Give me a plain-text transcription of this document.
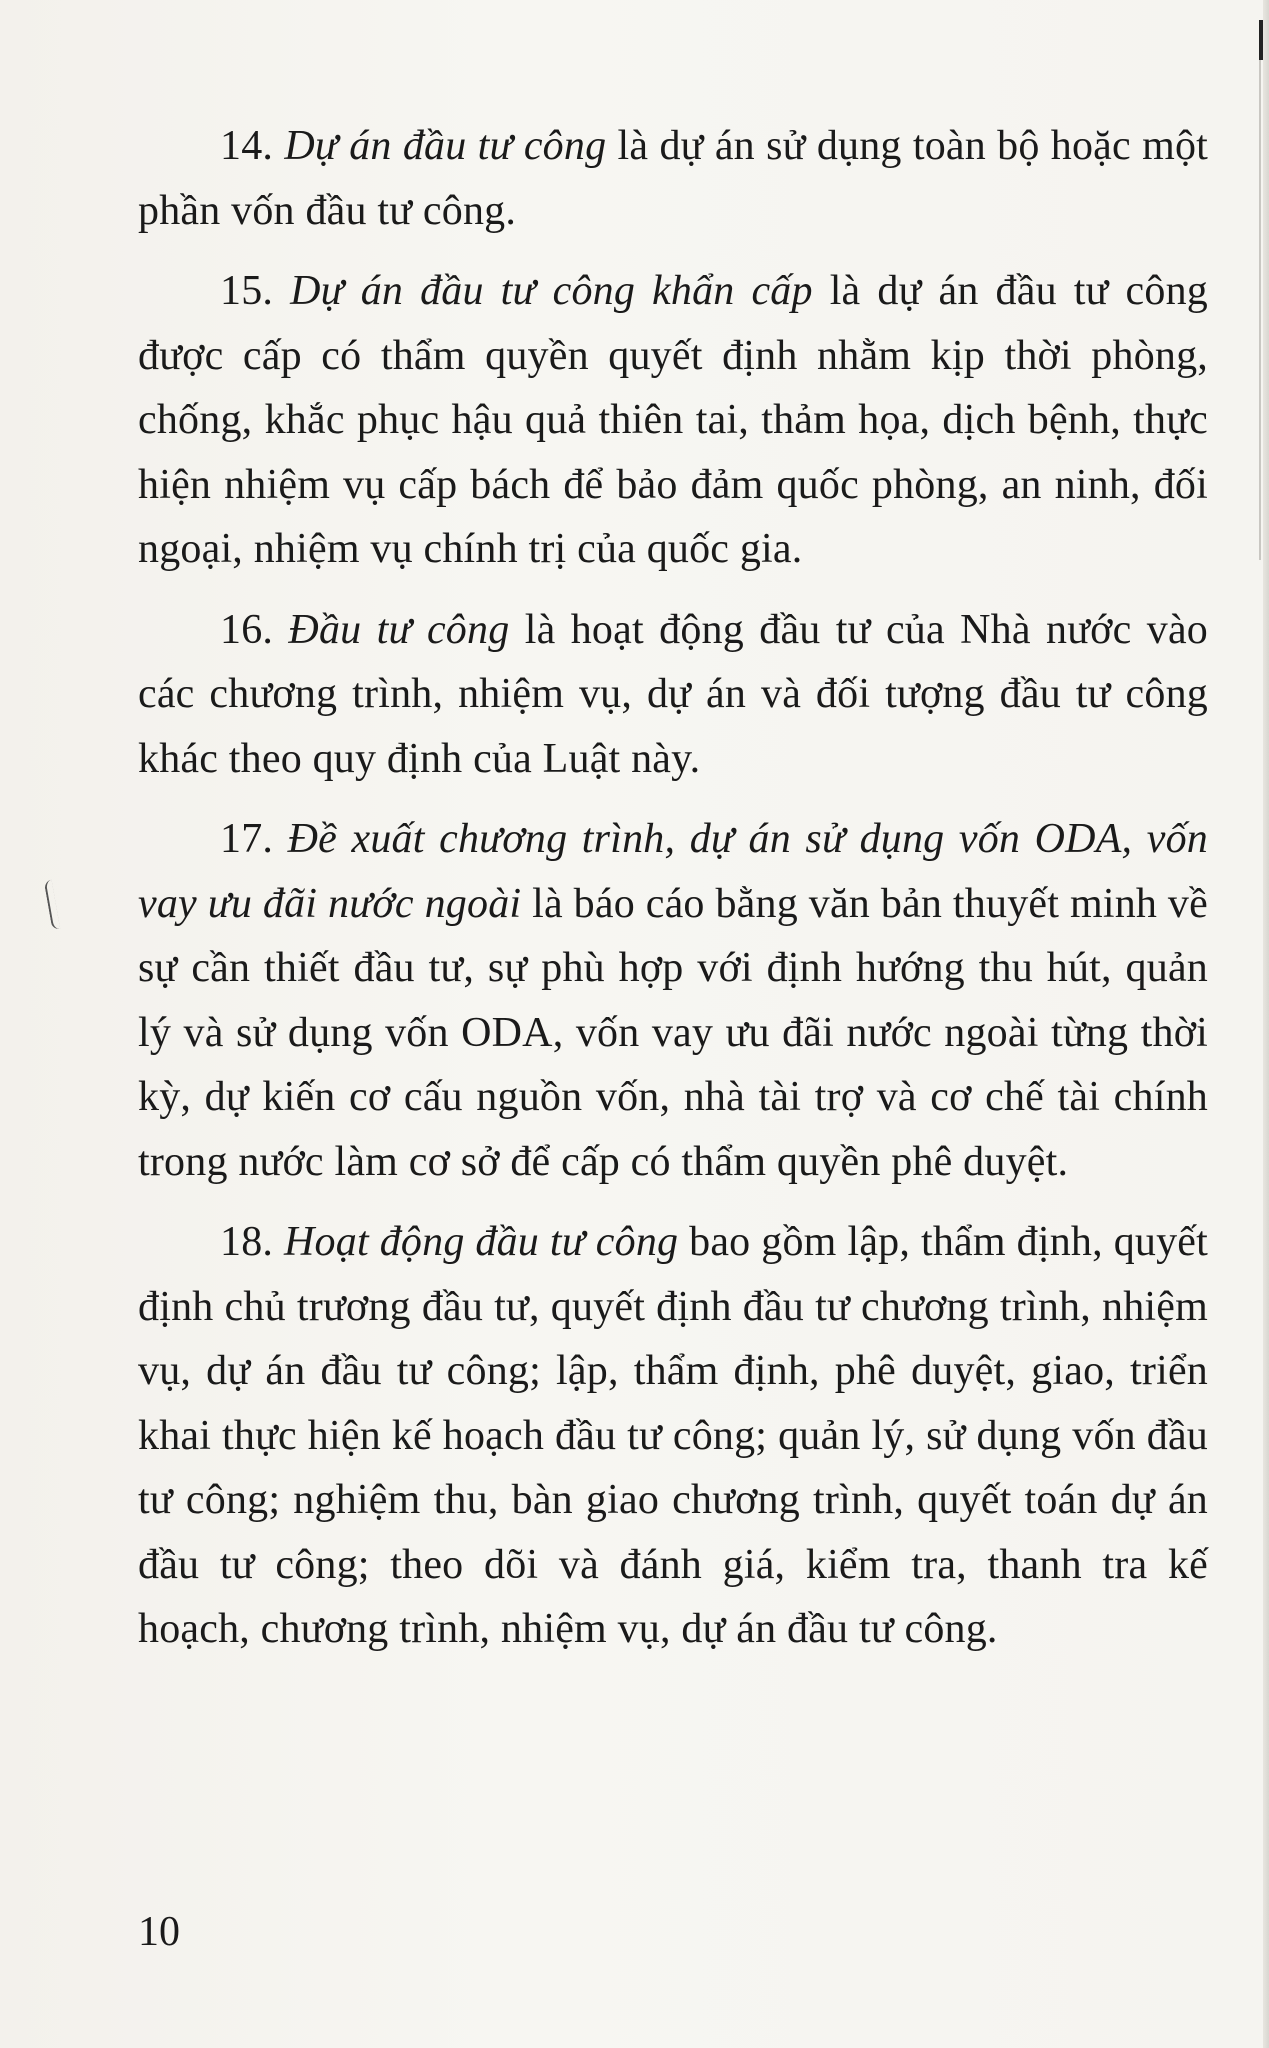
14. Dự án đầu tư công là dự án sử dụng toàn bộ hoặc một phần vốn đầu tư công.

15. Dự án đầu tư công khẩn cấp là dự án đầu tư công được cấp có thẩm quyền quyết định nhằm kịp thời phòng, chống, khắc phục hậu quả thiên tai, thảm họa, dịch bệnh, thực hiện nhiệm vụ cấp bách để bảo đảm quốc phòng, an ninh, đối ngoại, nhiệm vụ chính trị của quốc gia.

16. Đầu tư công là hoạt động đầu tư của Nhà nước vào các chương trình, nhiệm vụ, dự án và đối tượng đầu tư công khác theo quy định của Luật này.

17. Đề xuất chương trình, dự án sử dụng vốn ODA, vốn vay ưu đãi nước ngoài là báo cáo bằng văn bản thuyết minh về sự cần thiết đầu tư, sự phù hợp với định hướng thu hút, quản lý và sử dụng vốn ODA, vốn vay ưu đãi nước ngoài từng thời kỳ, dự kiến cơ cấu nguồn vốn, nhà tài trợ và cơ chế tài chính trong nước làm cơ sở để cấp có thẩm quyền phê duyệt.

18. Hoạt động đầu tư công bao gồm lập, thẩm định, quyết định chủ trương đầu tư, quyết định đầu tư chương trình, nhiệm vụ, dự án đầu tư công; lập, thẩm định, phê duyệt, giao, triển khai thực hiện kế hoạch đầu tư công; quản lý, sử dụng vốn đầu tư công; nghiệm thu, bàn giao chương trình, quyết toán dự án đầu tư công; theo dõi và đánh giá, kiểm tra, thanh tra kế hoạch, chương trình, nhiệm vụ, dự án đầu tư công.

10
